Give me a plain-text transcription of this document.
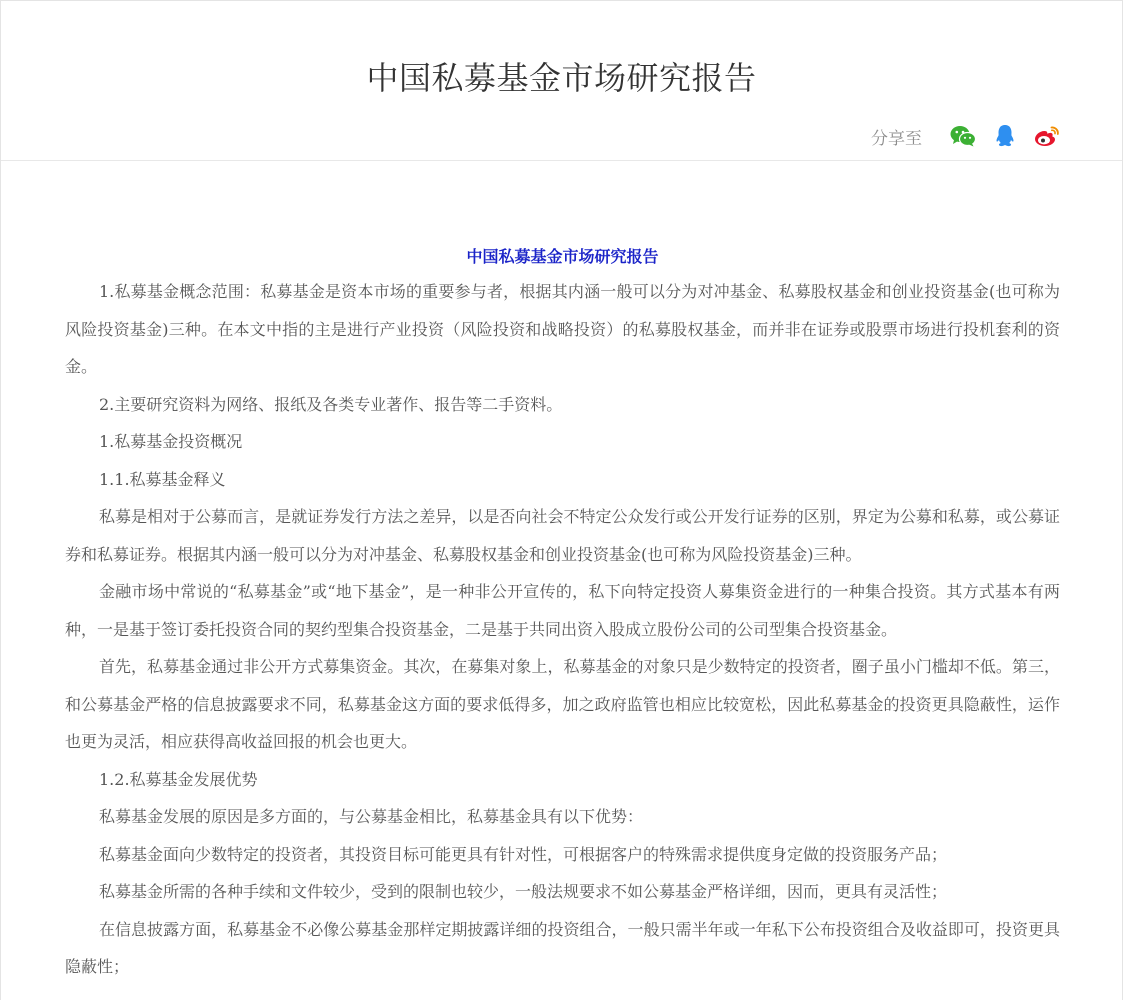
中国私募基金市场研究报告
分享至

中国私募基金市场研究报告

1.私募基金概念范围：私募基金是资本市场的重要参与者，根据其内涵一般可以分为对冲基金、私募股权基金和创业投资基金(也可称为风险投资基金)三种。在本文中指的主是进行产业投资（风险投资和战略投资）的私募股权基金，而并非在证券或股票市场进行投机套利的资金。

2.主要研究资料为网络、报纸及各类专业著作、报告等二手资料。

1.私募基金投资概况

1.1.私募基金释义

私募是相对于公募而言，是就证券发行方法之差异，以是否向社会不特定公众发行或公开发行证券的区别，界定为公募和私募，或公募证券和私募证券。根据其内涵一般可以分为对冲基金、私募股权基金和创业投资基金(也可称为风险投资基金)三种。

金融市场中常说的“私募基金”或“地下基金”，是一种非公开宣传的，私下向特定投资人募集资金进行的一种集合投资。其方式基本有两种，一是基于签订委托投资合同的契约型集合投资基金，二是基于共同出资入股成立股份公司的公司型集合投资基金。

首先，私募基金通过非公开方式募集资金。其次，在募集对象上，私募基金的对象只是少数特定的投资者，圈子虽小门槛却不低。第三，和公募基金严格的信息披露要求不同，私募基金这方面的要求低得多，加之政府监管也相应比较宽松，因此私募基金的投资更具隐蔽性，运作也更为灵活，相应获得高收益回报的机会也更大。

1.2.私募基金发展优势

私募基金发展的原因是多方面的，与公募基金相比，私募基金具有以下优势：

私募基金面向少数特定的投资者，其投资目标可能更具有针对性，可根据客户的特殊需求提供度身定做的投资服务产品；

私募基金所需的各种手续和文件较少，受到的限制也较少，一般法规要求不如公募基金严格详细，因而，更具有灵活性；

在信息披露方面，私募基金不必像公募基金那样定期披露详细的投资组合，一般只需半年或一年私下公布投资组合及收益即可，投资更具隐蔽性；
